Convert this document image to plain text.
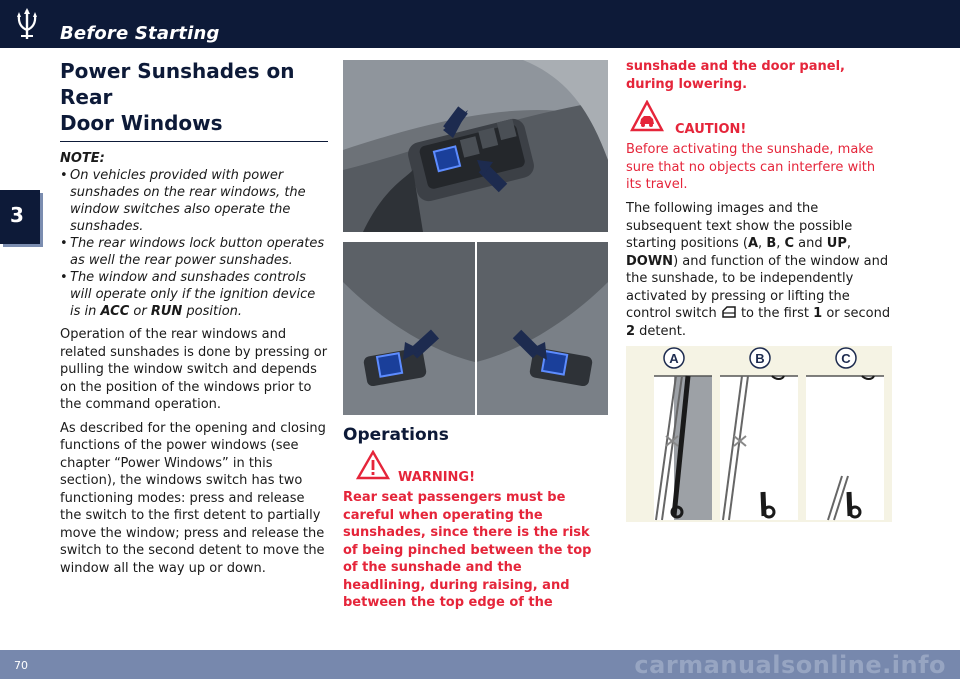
Before Starting
3
Power Sunshades on Rear
Door Windows
NOTE:
• On vehicles provided with power sunshades on the rear windows, the window switches also operate the sunshades.
• The rear windows lock button operates as well the rear power sunshades.
• The window and sunshades controls will operate only if the ignition device is in ACC or RUN position.

Operation of the rear windows and related sunshades is done by pressing or pulling the window switch and depends on the position of the windows prior to the command operation.

As described for the opening and closing functions of the power windows (see chapter “Power Windows” in this section), the windows switch has two functioning modes: press and release the switch to the first detent to partially move the window; press and release the switch to the second detent to move the window all the way up or down.

Operations
WARNING!
Rear seat passengers must be careful when operating the sunshades, since there is the risk of being pinched between the top of the sunshade and the headlining, during raising, and between the top edge of the

sunshade and the door panel, during lowering.

CAUTION!
Before activating the sunshade, make sure that no objects can interfere with its travel.

The following images and the subsequent text show the possible starting positions (A, B, C and UP,
DOWN) and function of the window and the sunshade, to be independently activated by pressing or lifting the control switch  to the first 1 or second 2 detent.

A	B	C
70	carmanualsonline.info
